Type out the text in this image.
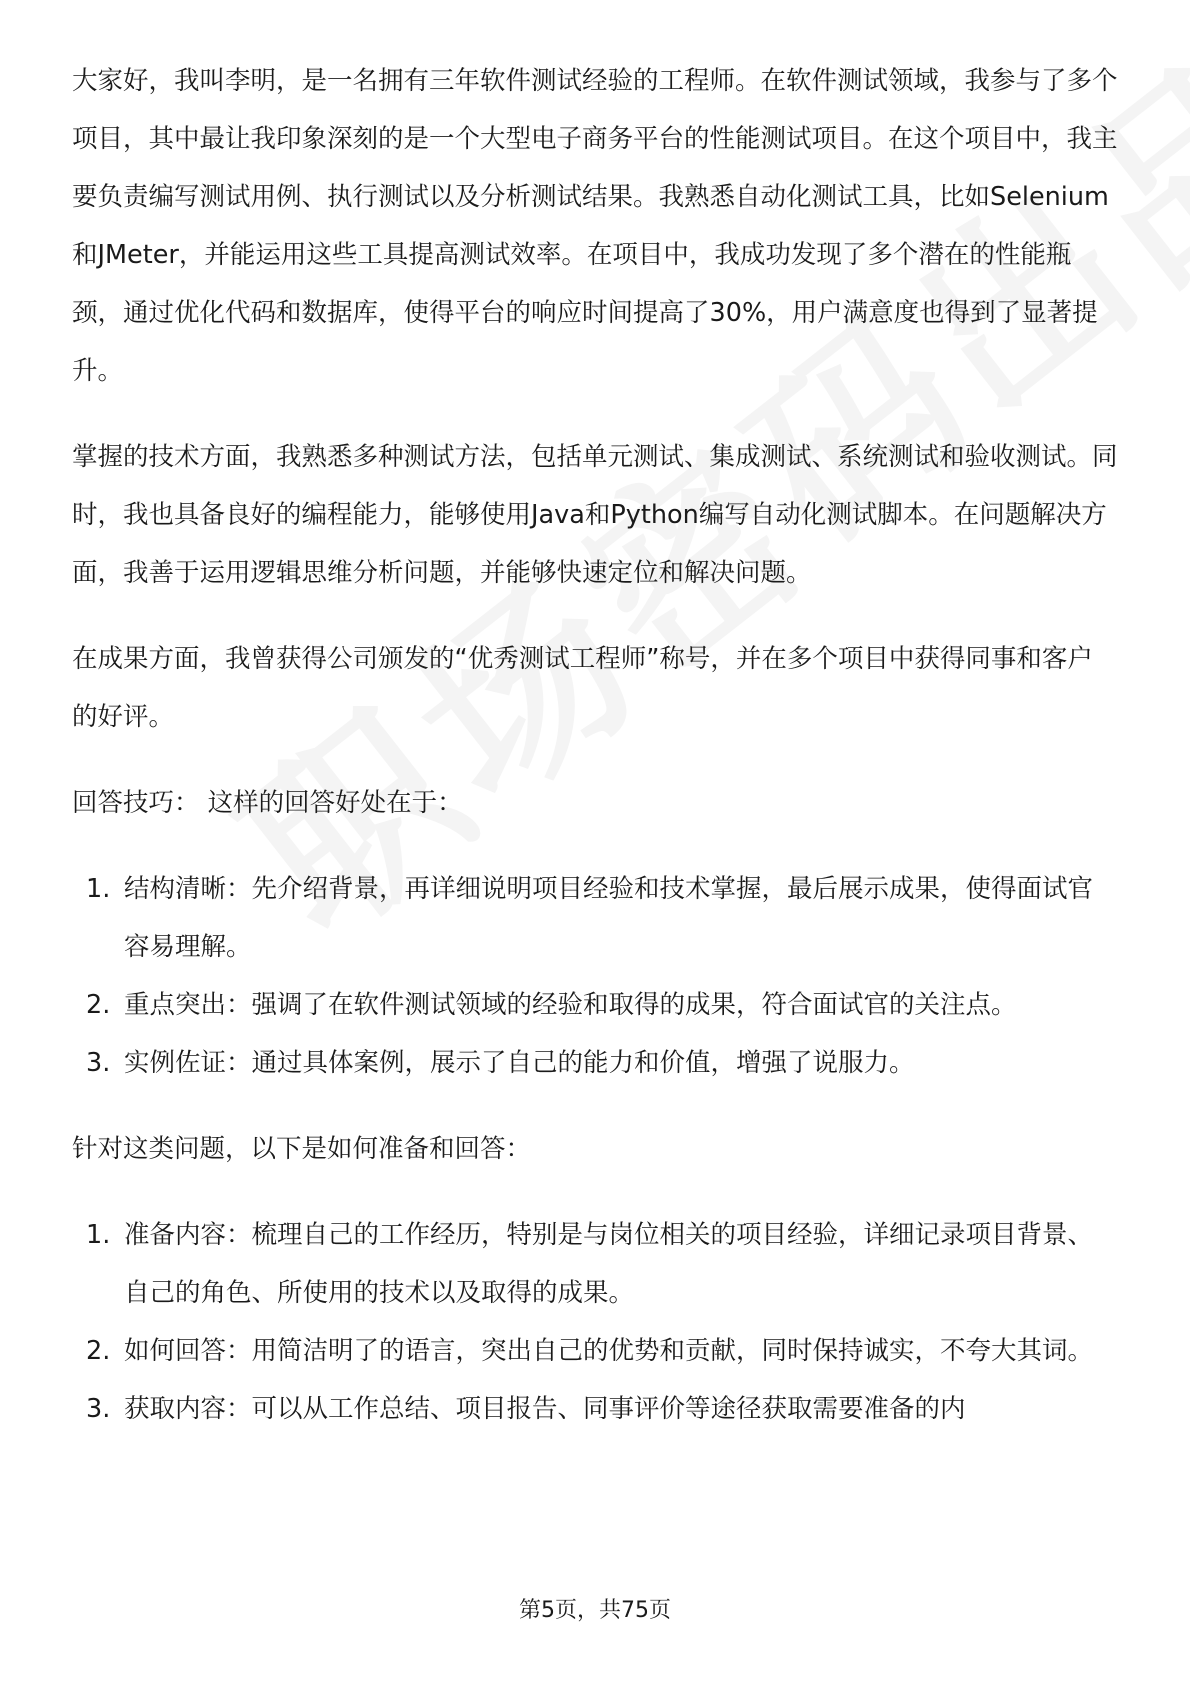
大家好，我叫李明，是一名拥有三年软件测试经验的工程师。在软件测试领域，我参与了多个项目，其中最让我印象深刻的是一个大型电子商务平台的性能测试项目。在这个项目中，我主要负责编写测试用例、执行测试以及分析测试结果。我熟悉自动化测试工具，比如Selenium和JMeter，并能运用这些工具提高测试效率。在项目中，我成功发现了多个潜在的性能瓶颈，通过优化代码和数据库，使得平台的响应时间提高了30%，用户满意度也得到了显著提升。

掌握的技术方面，我熟悉多种测试方法，包括单元测试、集成测试、系统测试和验收测试。同时，我也具备良好的编程能力，能够使用Java和Python编写自动化测试脚本。在问题解决方面，我善于运用逻辑思维分析问题，并能够快速定位和解决问题。

在成果方面，我曾获得公司颁发的“优秀测试工程师”称号，并在多个项目中获得同事和客户的好评。

回答技巧： 这样的回答好处在于：

1. 结构清晰：先介绍背景，再详细说明项目经验和技术掌握，最后展示成果，使得面试官容易理解。
2. 重点突出：强调了在软件测试领域的经验和取得的成果，符合面试官的关注点。
3. 实例佐证：通过具体案例，展示了自己的能力和价值，增强了说服力。

针对这类问题，以下是如何准备和回答：

1. 准备内容：梳理自己的工作经历，特别是与岗位相关的项目经验，详细记录项目背景、自己的角色、所使用的技术以及取得的成果。
2. 如何回答：用简洁明了的语言，突出自己的优势和贡献，同时保持诚实，不夸大其词。
3. 获取内容：可以从工作总结、项目报告、同事评价等途径获取需要准备的内
第5页，共75页
